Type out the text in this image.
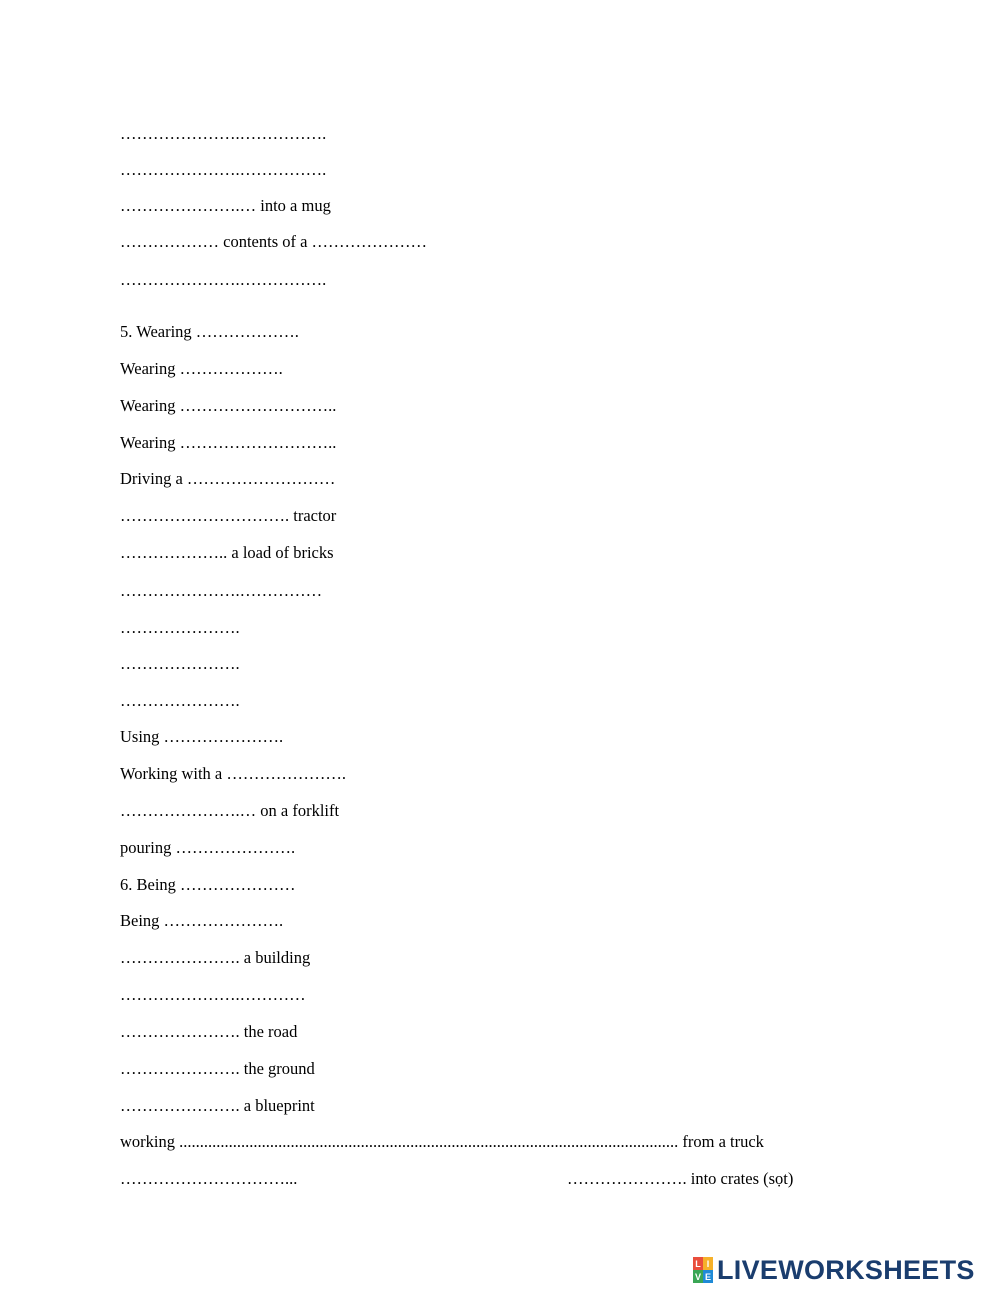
………………….…………….
………………….…………….
………………….… into a mug
……………… contents of a …………………
………………….…………….
5. Wearing ……………….
Wearing ……………….
Wearing ………………………..
Wearing ………………………..
Driving a ………………………
…………………………. tractor
……………….. a load of bricks
………………….……………
………………….
………………….
………………….
Using ………………….
Working with a ………………….
………………….… on a forklift
pouring ………………….
6. Being …………………
Being ………………….
…………………. a building
………………….…………
…………………. the road
…………………. the ground
…………………. a blueprint
working ......................................................................................................................... from a truck
…………………………...	…………………. into crates (sọt)
L I
V E LIVEWORKSHEETS
